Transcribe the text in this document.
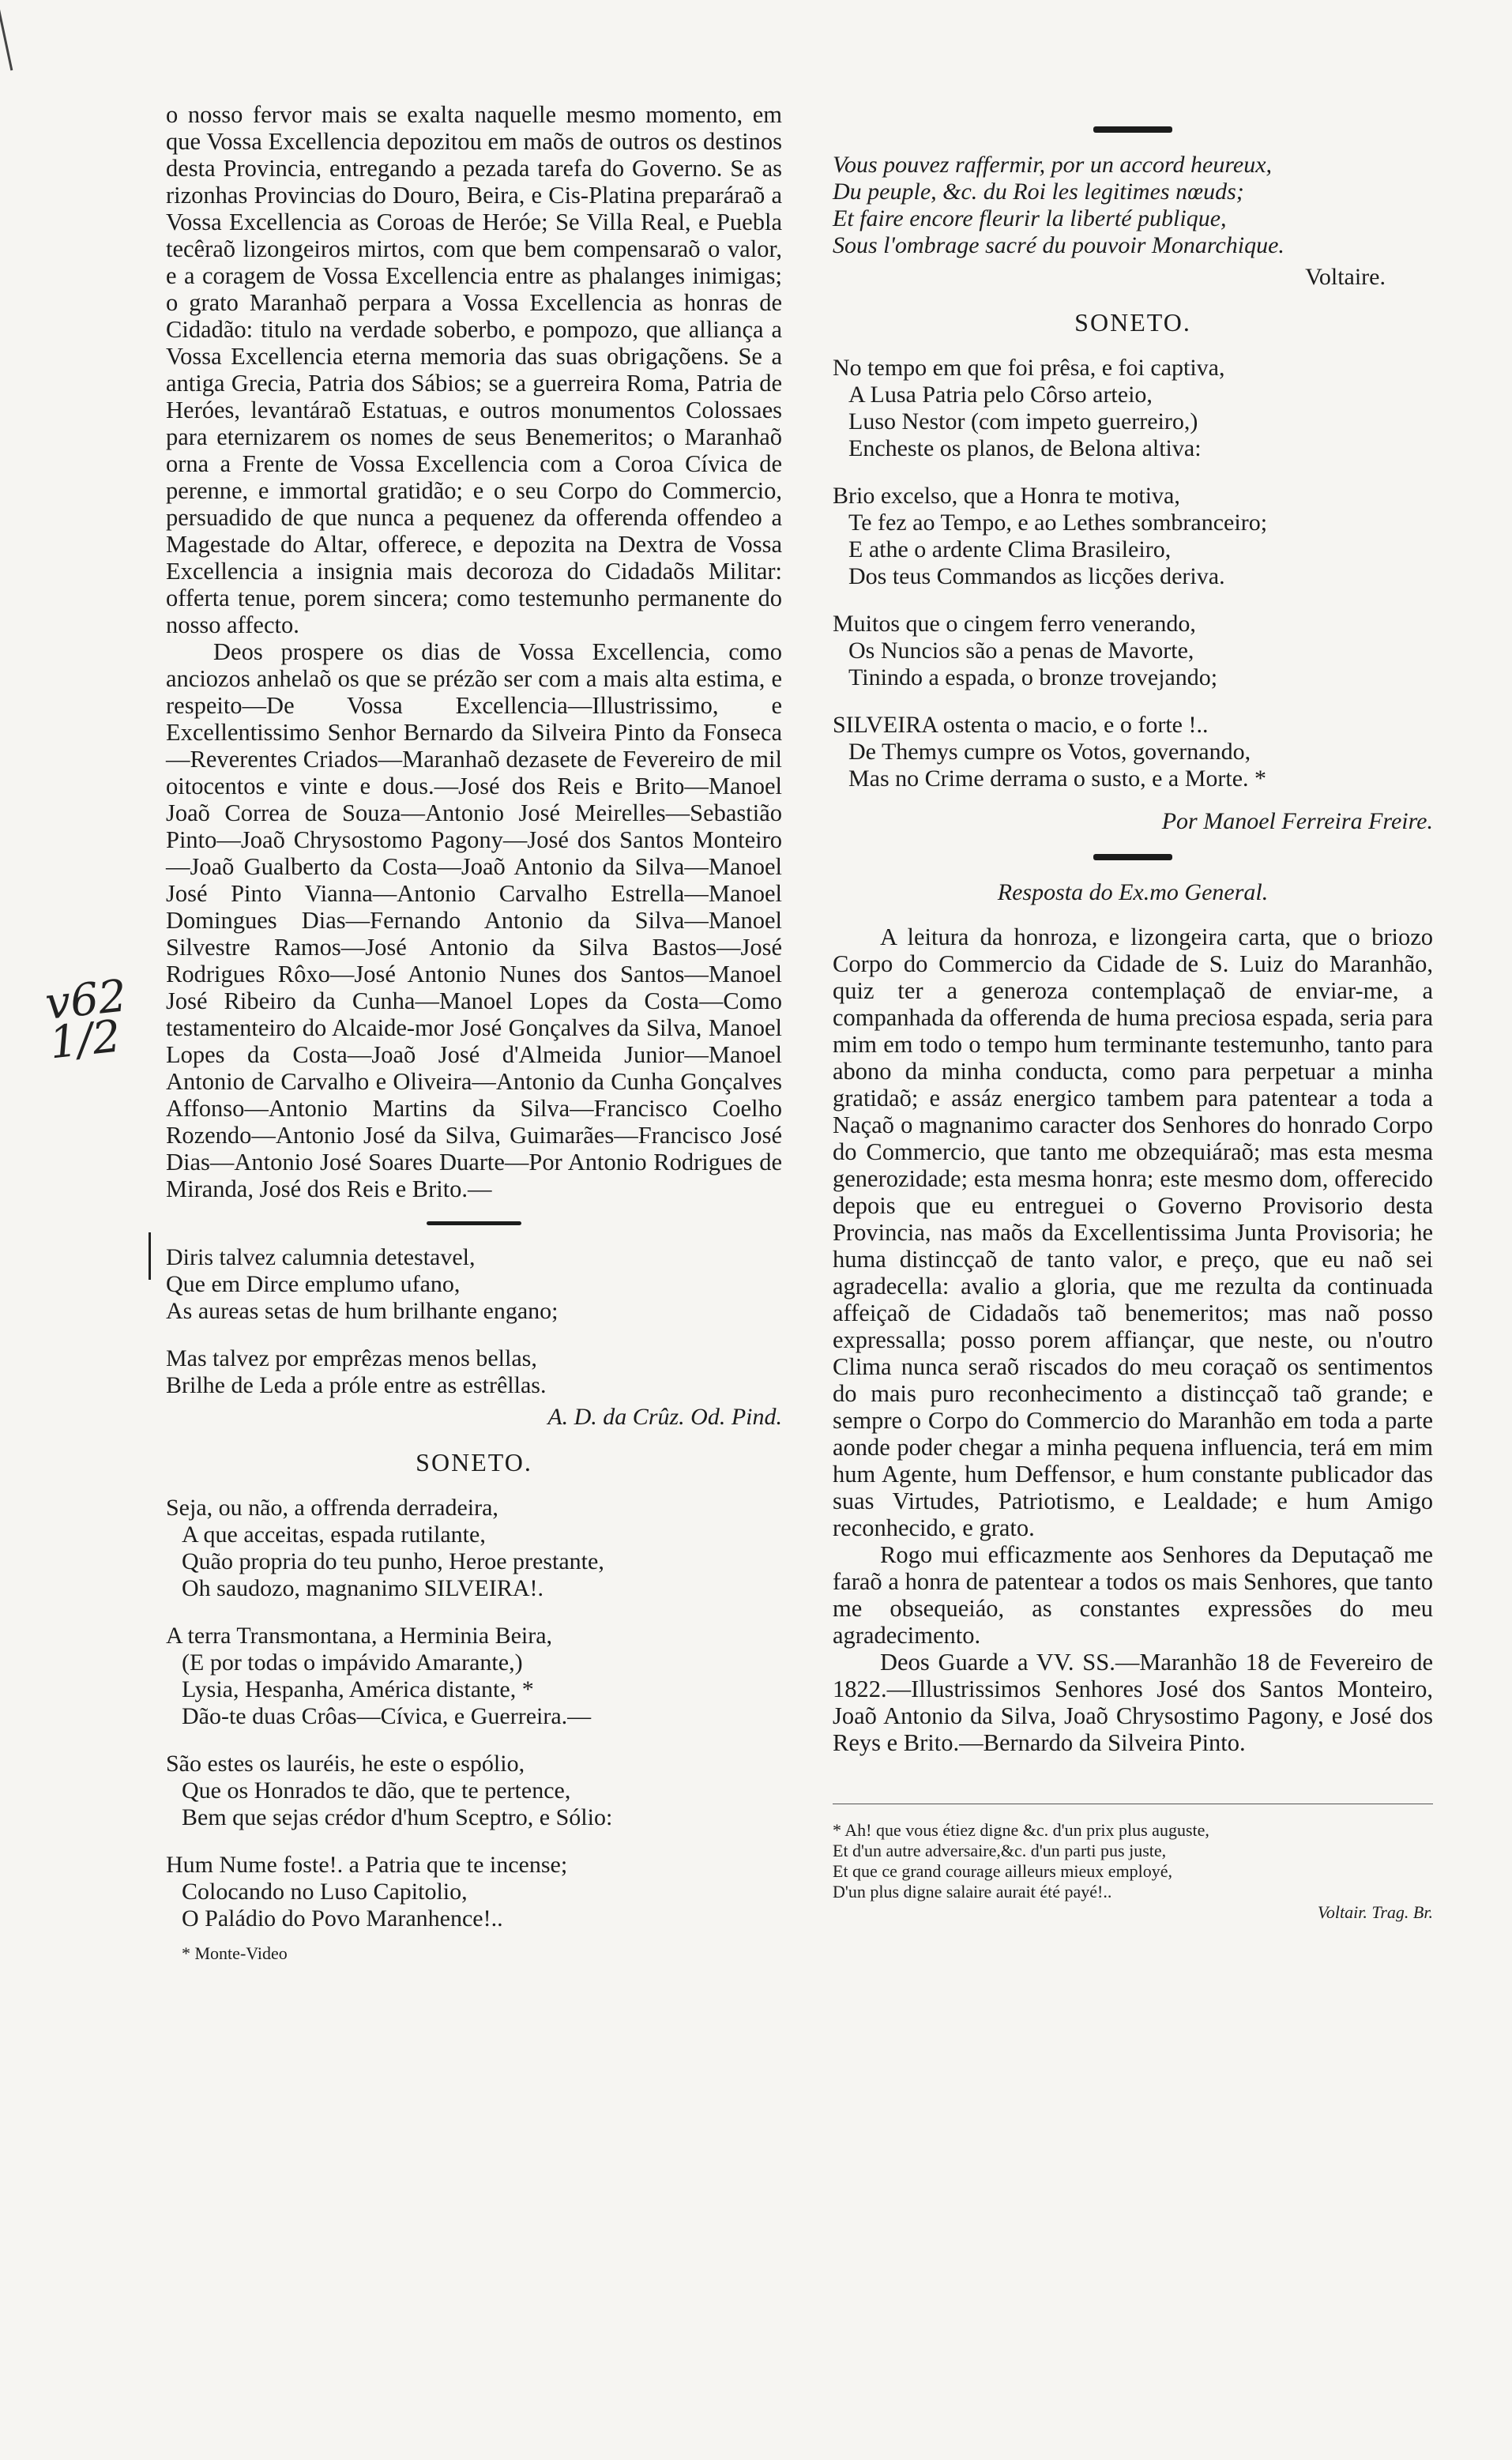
v62 1/2

o nosso fervor mais se exalta naquelle mesmo momento, em que Vossa Excellencia depozitou em maõs de outros os destinos desta Provincia, entregando a pezada tarefa do Governo. Se as rizonhas Provincias do Douro, Beira, e Cis-Platina preparáraõ a Vossa Excellencia as Coroas de Heróe; Se Villa Real, e Puebla tecêraõ lizongeiros mirtos, com que bem compensaraõ o valor, e a coragem de Vossa Excellencia entre as phalanges inimigas; o grato Maranhaõ perpara a Vossa Excellencia as honras de Cidadão: titulo na verdade soberbo, e pompozo, que alliança a Vossa Excellencia eterna memoria das suas obrigaçõens. Se a antiga Grecia, Patria dos Sábios; se a guerreira Roma, Patria de Heróes, levantáraõ Estatuas, e outros monumentos Colossaes para eternizarem os nomes de seus Benemeritos; o Maranhaõ orna a Frente de Vossa Excellencia com a Coroa Cívica de perenne, e immortal gratidão; e o seu Corpo do Commercio, persuadido de que nunca a pequenez da offerenda offendeo a Magestade do Altar, offerece, e depozita na Dextra de Vossa Excellencia a insignia mais decoroza do Cidadaõs Militar: offerta tenue, porem sincera; como testemunho permanente do nosso affecto.

Deos prospere os dias de Vossa Excellencia, como anciozos anhelaõ os que se prézão ser com a mais alta estima, e respeito—De Vossa Excellencia—Illustrissimo, e Excellentissimo Senhor Bernardo da Silveira Pinto da Fonseca—Reverentes Criados—Maranhaõ dezasete de Fevereiro de mil oitocentos e vinte e dous.—José dos Reis e Brito—Manoel Joaõ Correa de Souza—Antonio José Meirelles—Sebastião Pinto—Joaõ Chrysostomo Pagony—José dos Santos Monteiro—Joaõ Gualberto da Costa—Joaõ Antonio da Silva—Manoel José Pinto Vianna—Antonio Carvalho Estrella—Manoel Domingues Dias—Fernando Antonio da Silva—Manoel Silvestre Ramos—José Antonio da Silva Bastos—José Rodrigues Rôxo—José Antonio Nunes dos Santos—Manoel José Ribeiro da Cunha—Manoel Lopes da Costa—Como testamenteiro do Alcaide-mor José Gonçalves da Silva, Manoel Lopes da Costa—Joaõ José d'Almeida Junior—Manoel Antonio de Carvalho e Oliveira—Antonio da Cunha Gonçalves Affonso—Antonio Martins da Silva—Francisco Coelho Rozendo—Antonio José da Silva, Guimarães—Francisco José Dias—Antonio José Soares Duarte—Por Antonio Rodrigues de Miranda, José dos Reis e Brito.—

Diris talvez calumnia detestavel,
Que em Dirce emplumo ufano,
As aureas setas de hum brilhante engano;
Mas talvez por emprêzas menos bellas,
Brilhe de Leda a próle entre as estrêllas.
A. D. da Crûz. Od. Pind.
SONETO.
Seja, ou não, a offrenda derradeira,
A que acceitas, espada rutilante,
Quão propria do teu punho, Heroe prestante,
Oh saudozo, magnanimo SILVEIRA!.
A terra Transmontana, a Herminia Beira,
(E por todas o impávido Amarante,)
Lysia, Hespanha, América distante, *
Dão-te duas Crôas—Cívica, e Guerreira.—
São estes os lauréis, he este o espólio,
Que os Honrados te dão, que te pertence,
Bem que sejas crédor d'hum Sceptro, e Sólio:
Hum Nume foste!. a Patria que te incense;
Colocando no Luso Capitolio,
O Paládio do Povo Maranhence!..
* Monte-Video
Vous pouvez raffermir, por un accord heureux,
Du peuple, &c. du Roi les legitimes nœuds;
Et faire encore fleurir la liberté publique,
Sous l'ombrage sacré du pouvoir Monarchique.
Voltaire.
SONETO.
No tempo em que foi prêsa, e foi captiva,
A Lusa Patria pelo Côrso arteio,
Luso Nestor (com impeto guerreiro,)
Encheste os planos, de Belona altiva:
Brio excelso, que a Honra te motiva,
Te fez ao Tempo, e ao Lethes sombranceiro;
E athe o ardente Clima Brasileiro,
Dos teus Commandos as licções deriva.
Muitos que o cingem ferro venerando,
Os Nuncios são a penas de Mavorte,
Tinindo a espada, o bronze trovejando;
SILVEIRA ostenta o macio, e o forte !..
De Themys cumpre os Votos, governando,
Mas no Crime derrama o susto, e a Morte. *
Por Manoel Ferreira Freire.
Resposta do Ex.mo General.

A leitura da honroza, e lizongeira carta, que o briozo Corpo do Commercio da Cidade de S. Luiz do Maranhão, quiz ter a generoza contemplaçaõ de enviar-me, a companhada da offerenda de huma preciosa espada, seria para mim em todo o tempo hum terminante testemunho, tanto para abono da minha conducta, como para perpetuar a minha gratidaõ; e assáz energico tambem para patentear a toda a Naçaõ o magnanimo caracter dos Senhores do honrado Corpo do Commercio, que tanto me obzequiáraõ; mas esta mesma generozidade; esta mesma honra; este mesmo dom, offerecido depois que eu entreguei o Governo Provisorio desta Provincia, nas maõs da Excellentissima Junta Provisoria; he huma distincçaõ de tanto valor, e preço, que eu naõ sei agradecella: avalio a gloria, que me rezulta da continuada affeiçaõ de Cidadaõs taõ benemeritos; mas naõ posso expressalla; posso porem affiançar, que neste, ou n'outro Clima nunca seraõ riscados do meu coraçaõ os sentimentos do mais puro reconhecimento a distincçaõ taõ grande; e sempre o Corpo do Commercio do Maranhão em toda a parte aonde poder chegar a minha pequena influencia, terá em mim hum Agente, hum Deffensor, e hum constante publicador das suas Virtudes, Patriotismo, e Lealdade; e hum Amigo reconhecido, e grato.

Rogo mui efficazmente aos Senhores da Deputaçaõ me faraõ a honra de patentear a todos os mais Senhores, que tanto me obsequeiáo, as constantes expressões do meu agradecimento.

Deos Guarde a VV. SS.—Maranhão 18 de Fevereiro de 1822.—Illustrissimos Senhores José dos Santos Monteiro, Joaõ Antonio da Silva, Joaõ Chrysostimo Pagony, e José dos Reys e Brito.—Bernardo da Silveira Pinto.

* Ah! que vous étiez digne &c. d'un prix plus auguste,

Et d'un autre adversaire,&c. d'un parti pus juste,

Et que ce grand courage ailleurs mieux employé,

D'un plus digne salaire aurait été payé!..

Voltair. Trag. Br.
